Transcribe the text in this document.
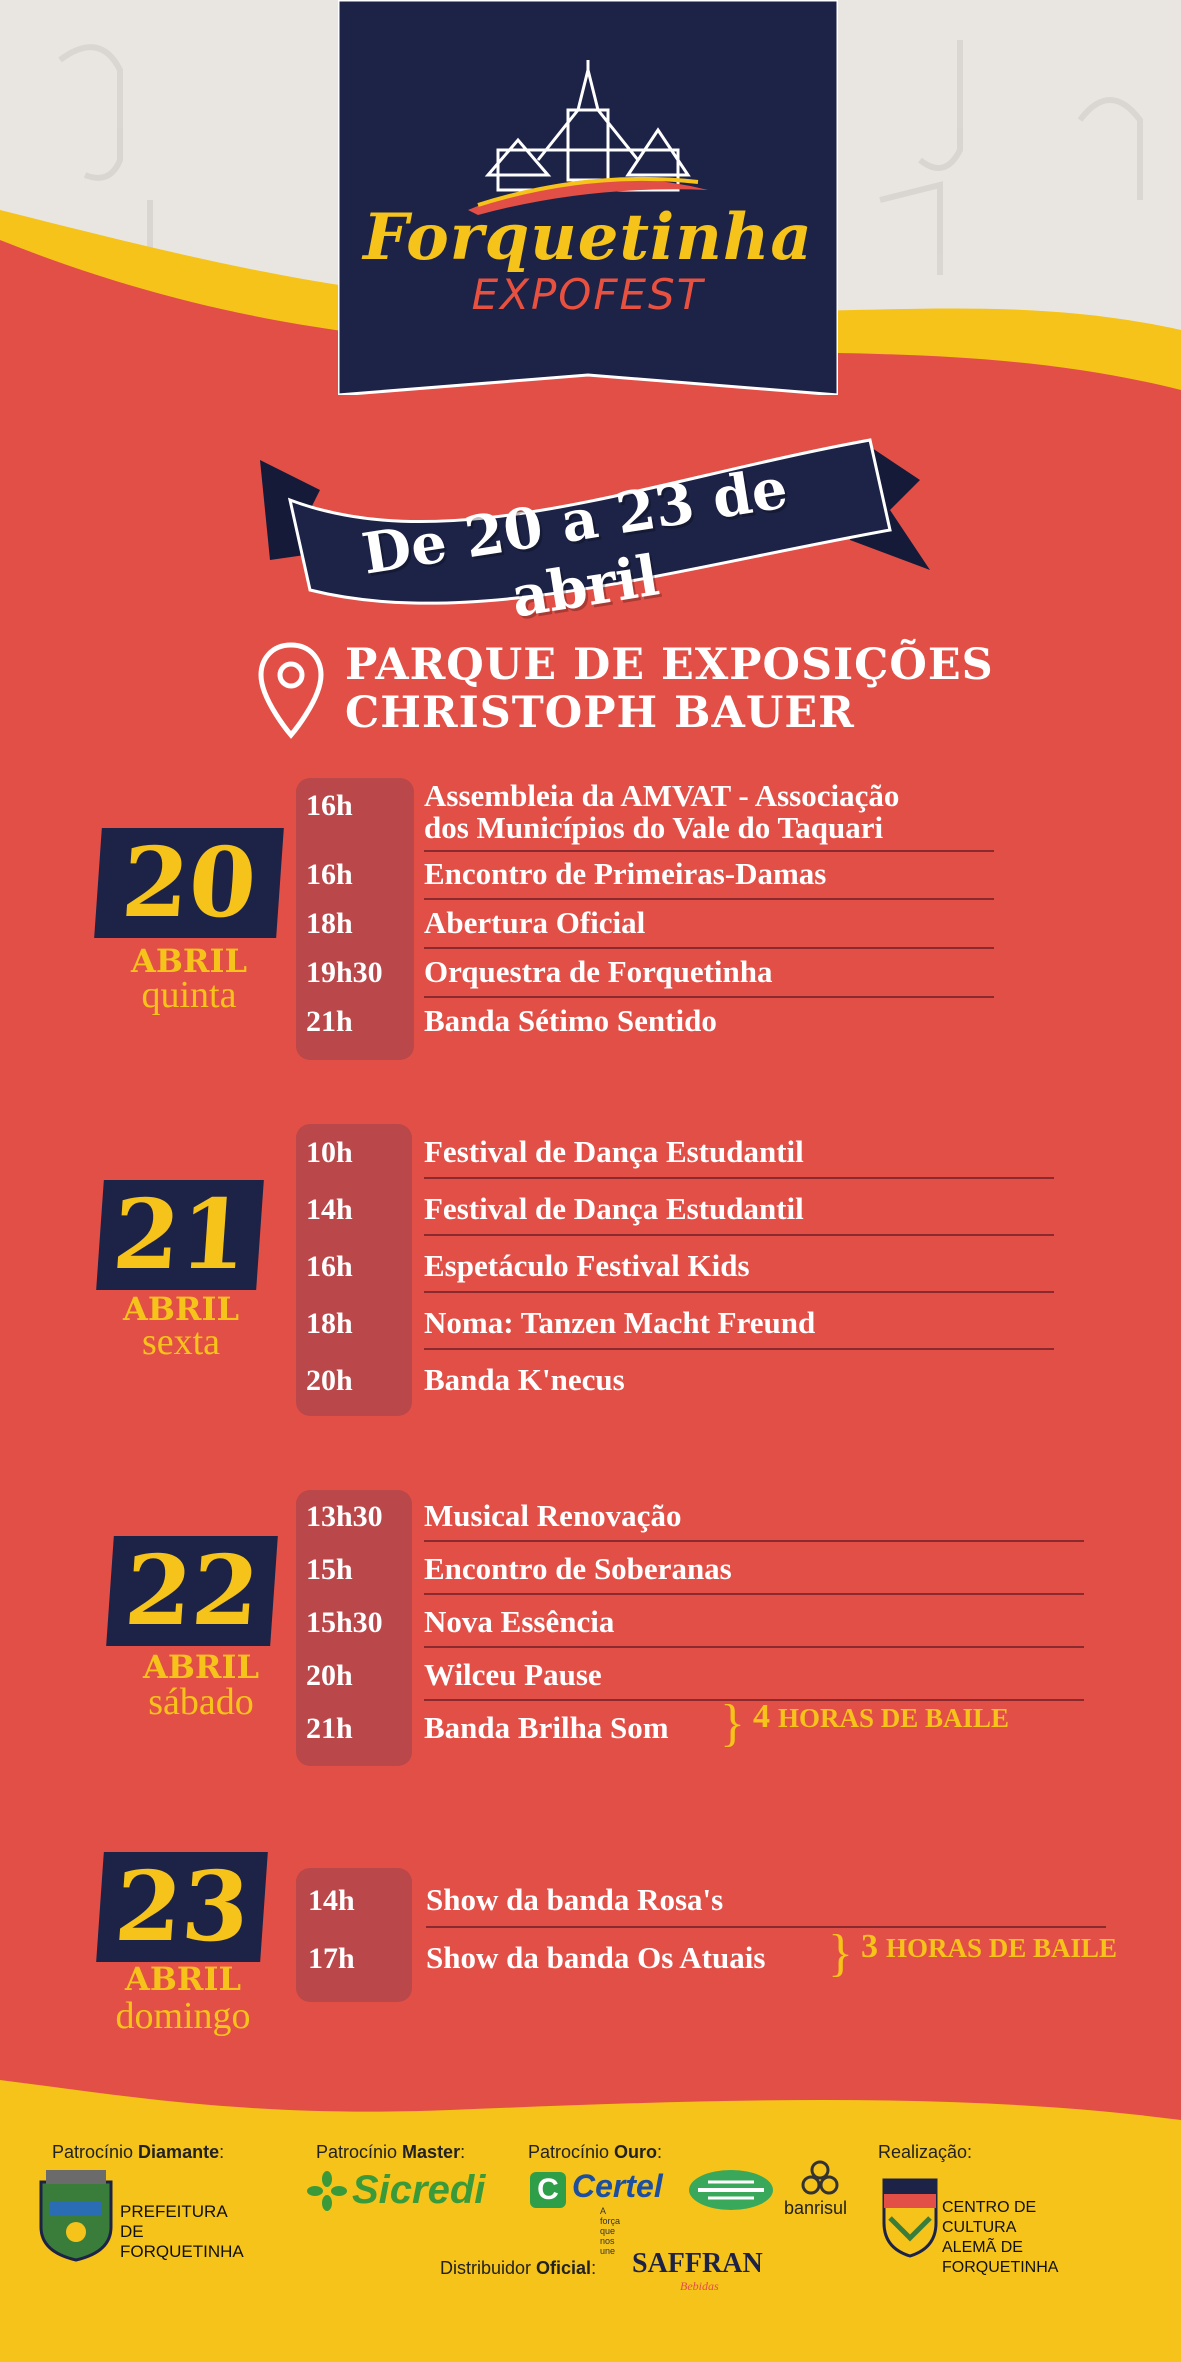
Forquetinha
EXPOFEST
De 20 a 23 de abril
PARQUE DE EXPOSIÇÕES
CHRISTOPH BAUER
20
ABRIL
quinta
16h	Assembleia da AMVAT - Associação
dos Municípios do Vale do Taquari
16h	Encontro de Primeiras-Damas
18h	Abertura Oficial
19h30	Orquestra de Forquetinha
21h	Banda Sétimo Sentido
21
ABRIL
sexta
10h	Festival de Dança Estudantil
14h	Festival de Dança Estudantil
16h	Espetáculo Festival Kids
18h	Noma: Tanzen Macht Freund
20h	Banda K'necus
22
ABRIL
sábado
13h30	Musical Renovação
15h	Encontro de Soberanas
15h30	Nova Essência
20h	Wilceu Pause
21h	Banda Brilha Som } 4 HORAS DE BAILE
23
ABRIL
domingo
14h	Show da banda Rosa's
17h	Show da banda Os Atuais } 3 HORAS DE BAILE
Patrocínio Diamante:
PREFEITURA DE
FORQUETINHA
Patrocínio Master:
Sicredi
Patrocínio Ouro:
C Certel
A força que nos une
banrisul
Realização:
CENTRO DE CULTURA
ALEMÃ DE FORQUETINHA
Distribuidor Oficial: SAFFRAN
Bebidas
